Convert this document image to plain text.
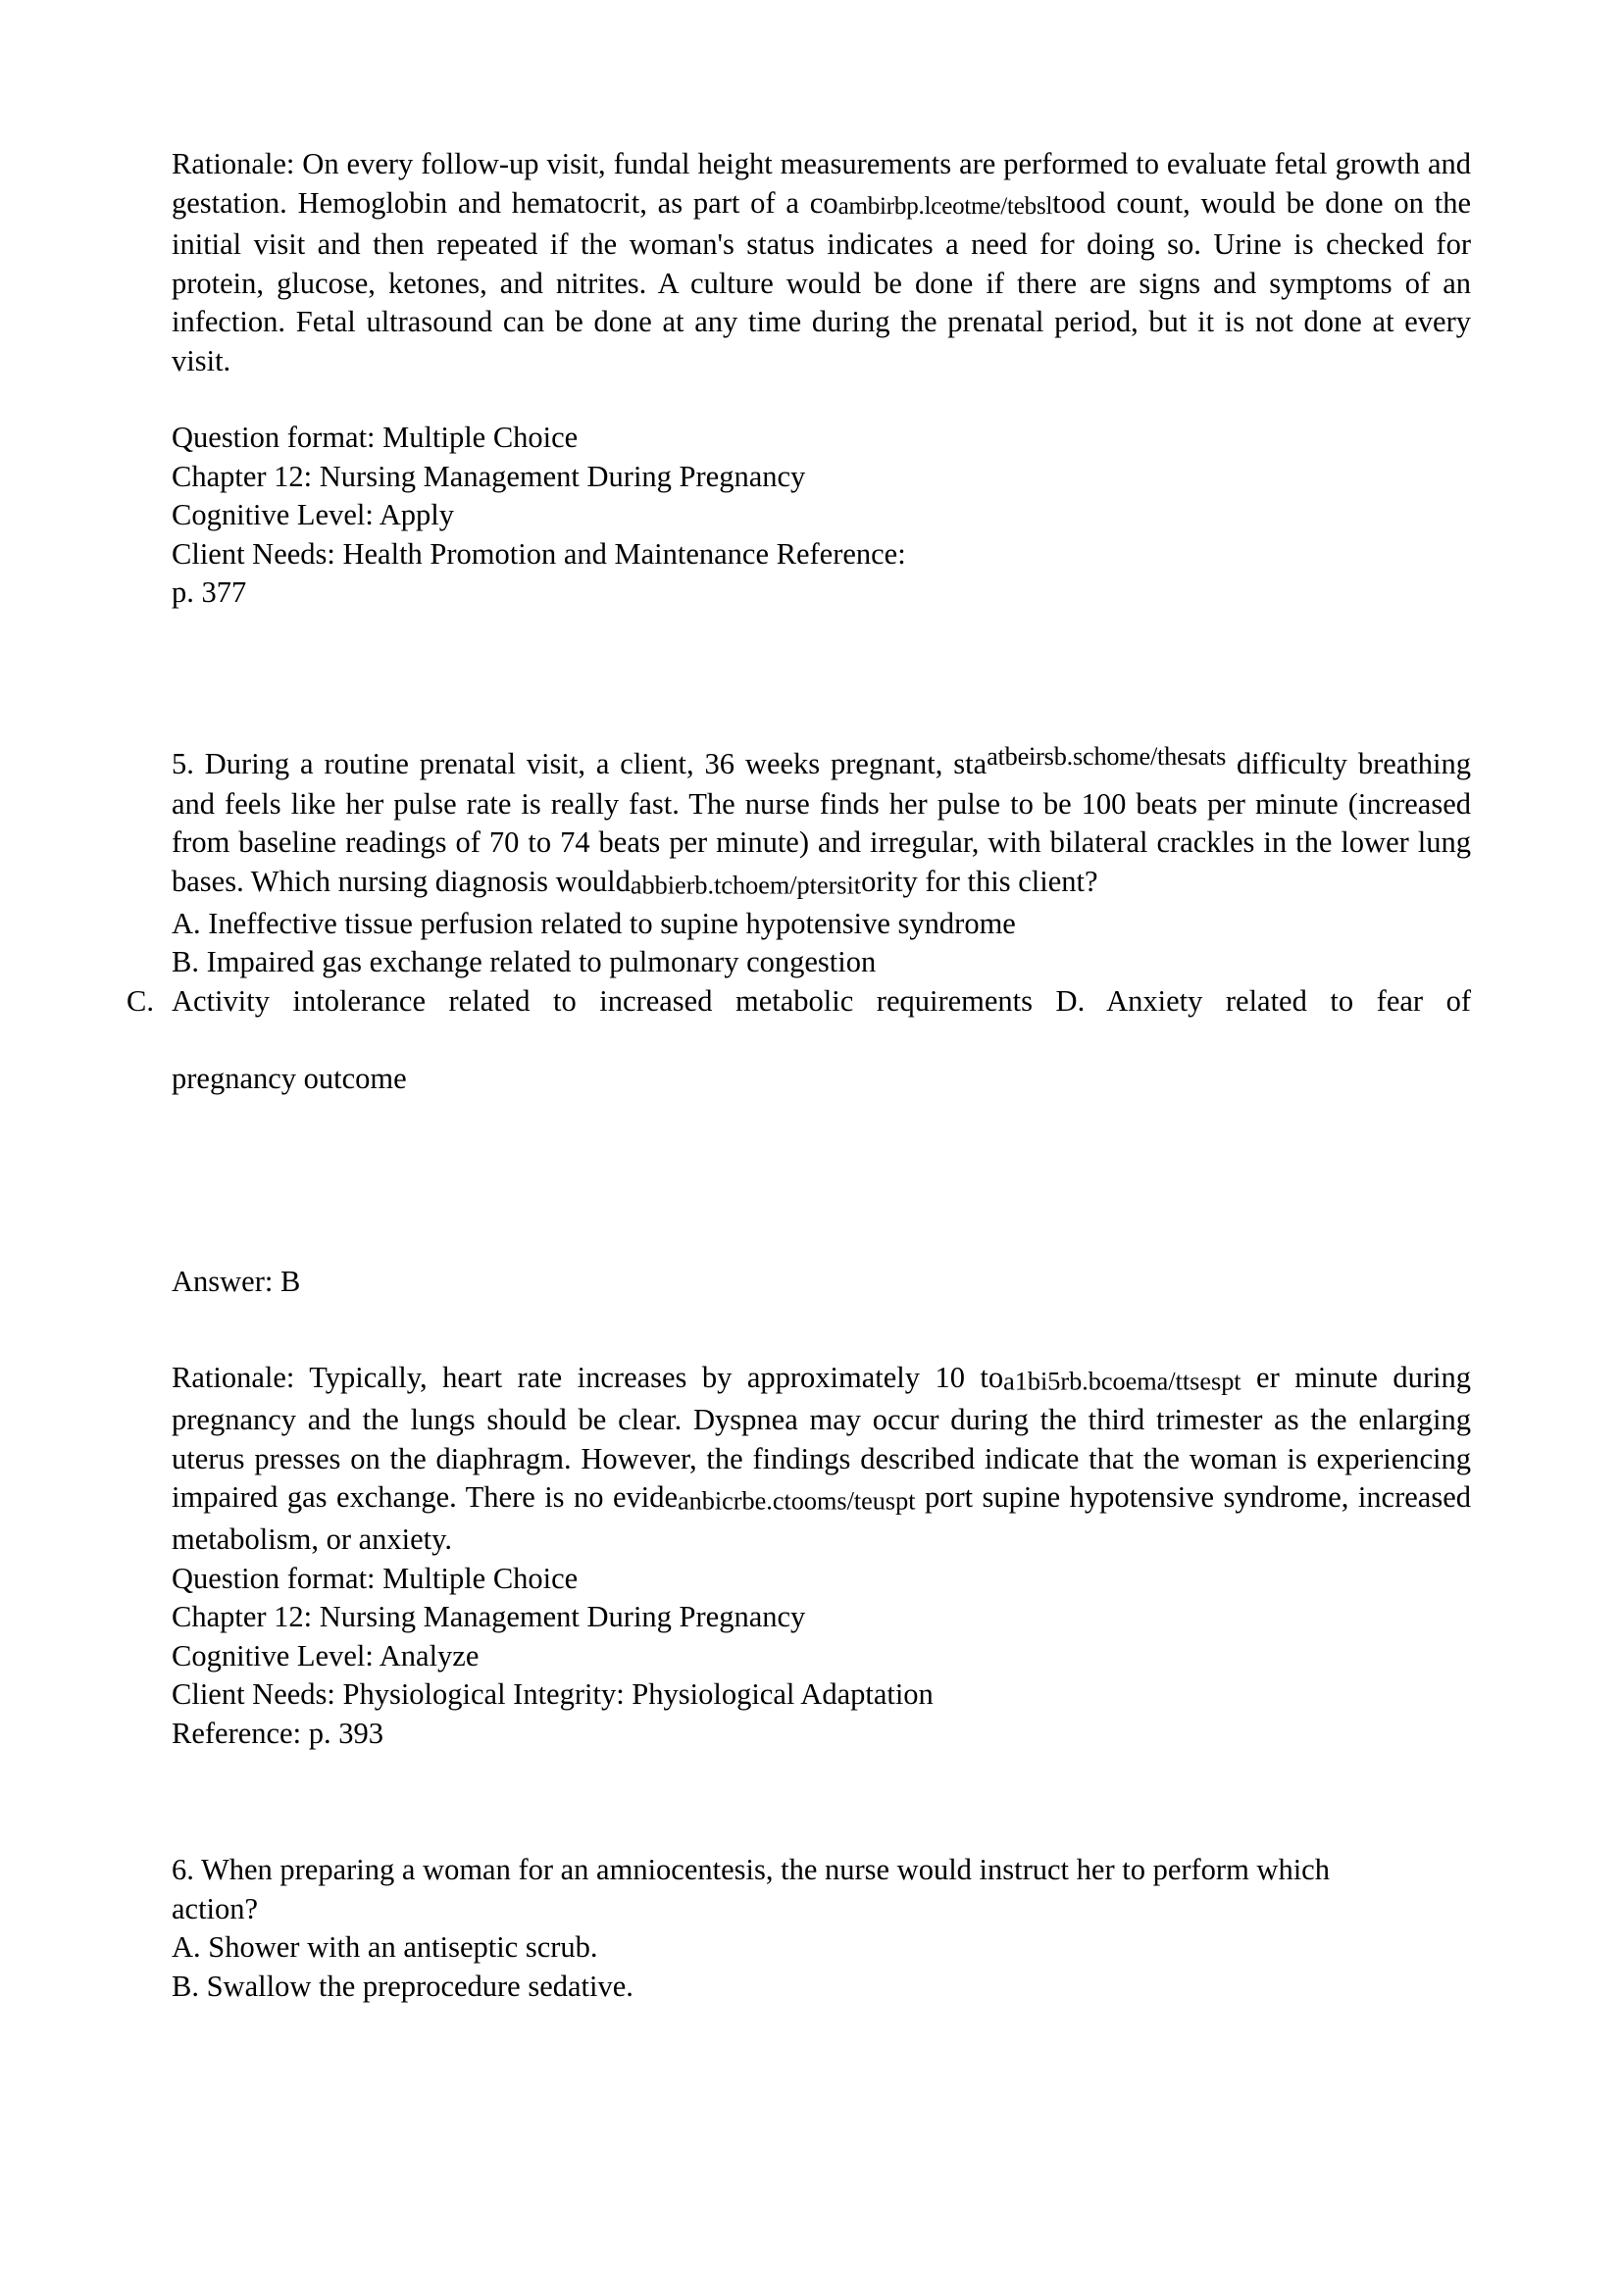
Rationale: On every follow-up visit, fundal height measurements are performed to evaluate fetal growth and gestation. Hemoglobin and hematocrit, as part of a coambirbp.lceotme/tebsltood count, would be done on the initial visit and then repeated if the woman's status indicates a need for doing so. Urine is checked for protein, glucose, ketones, and nitrites. A culture would be done if there are signs and symptoms of an infection. Fetal ultrasound can be done at any time during the prenatal period, but it is not done at every visit.

Question format: Multiple Choice
Chapter 12: Nursing Management During Pregnancy
Cognitive Level: Apply
Client Needs: Health Promotion and Maintenance Reference:
p. 377

5. During a routine prenatal visit, a client, 36 weeks pregnant, staatbeirsb.schome/thesats difficulty breathing and feels like her pulse rate is really fast. The nurse finds her pulse to be 100 beats per minute (increased from baseline readings of 70 to 74 beats per minute) and irregular, with bilateral crackles in the lower lung bases. Which nursing diagnosis wouldabbierb.tchoem/ptersitority for this client?

A. Ineffective tissue perfusion related to supine hypotensive syndrome
B. Impaired gas exchange related to pulmonary congestion
C. Activity intolerance related to increased metabolic requirements D. Anxiety related to fear of
pregnancy outcome
Answer: B

Rationale: Typically, heart rate increases by approximately 10 toa1bi5rb.bcoema/ttsespt er minute during pregnancy and the lungs should be clear. Dyspnea may occur during the third trimester as the enlarging uterus presses on the diaphragm. However, the findings described indicate that the woman is experiencing impaired gas exchange. There is no evideanbicrbe.ctooms/teuspt port supine hypotensive syndrome, increased metabolism, or anxiety.

Question format: Multiple Choice
Chapter 12: Nursing Management During Pregnancy
Cognitive Level: Analyze
Client Needs: Physiological Integrity: Physiological Adaptation
Reference: p. 393
6. When preparing a woman for an amniocentesis, the nurse would instruct her to perform which
action?
A. Shower with an antiseptic scrub.
B. Swallow the preprocedure sedative.
